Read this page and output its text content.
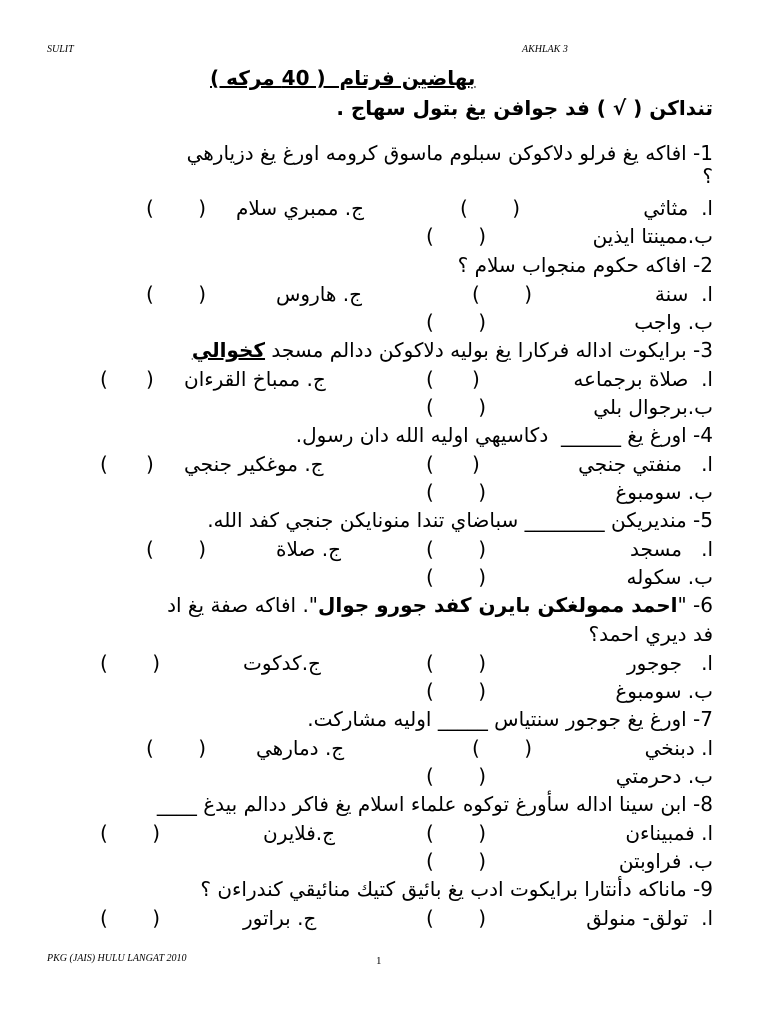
SULIT	AKHLAK 3
بهاضين فرتام  ( 40 مركه )
تنداكن ( √ ) فد جوافن يغ بتول سهاج .
1- افاكه يغ فرلو دلاكوكن سبلوم ماسوق كرومه اورغ يغ دزيارهي
؟
ا.  مثاثي
(       )
ج. ممبري سلام
(       )
ب.ممينتا ايذين
(       )
2- افاكه حكوم منجواب سلام ؟
ا.  سنة
(       )
ج. هاروس
(       )
ب. واجب
(       )
3- برايكوت اداله فركارا يغ بوليه دلاكوكن ددالم مسجد كخوالي
ا.  صلاة برجماعه
(      )
ج. ممباخ القرءان
(      )
ب.برجوال بلي
(       )
4- اورغ يغ ______  دكاسيهي اوليه الله دان رسول.
ا.   منفتي جنجي
(      )
ج. موغكير جنجي
(      )
ب. سومبوغ
(       )
5- منديريكن ________ سباضاي تندا منونايكن جنجي كفد الله.
ا.   مسجد
(       )
ج. صلاة
(       )
ب. سكوله
(       )
6- "احمد ممولغكن بايرن كفد جورو جوال". افاكه صفة يغ اد
فد ديري احمد؟
ا.   جوجور
(       )
ج.كدكوت
(       )
ب. سومبوغ
(       )
7- اورغ يغ جوجور سنتياس _____ اوليه مشاركت.
ا. دبنخي
(       )
ج. دمارهي
(       )
ب. دحرمتي
(       )
8- ابن سينا اداله سأورغ توكوه علماء اسلام يغ فاكر ددالم بيدغ ____
ا. فمبيناءن
(       )
ج.فلايرن
(       )
ب. فراوبتن
(       )
9- ماناكه دأنتارا برايكوت ادب يغ بائيق كتيك منائيقي كندراءن ؟
ا.  تولق- منولق
(       )
ج. براتور
(       )
PKG (JAIS) HULU LANGAT 2010	1
